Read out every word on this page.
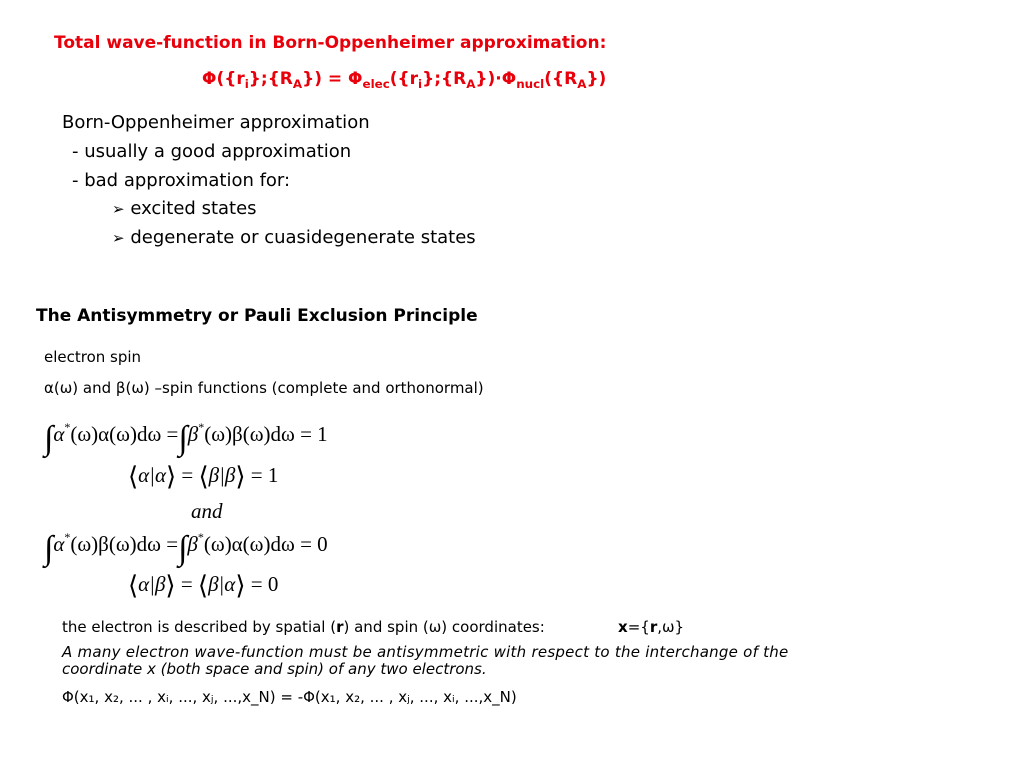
Total wave-function in Born-Oppenheimer approximation:
$\Phi(\{r_i\};\{R_A\})$ = $\Phi_{elec}(\{r_i\};\{R_A\})\cdot\Phi_{nucl}(\{R_A\})$
Born-Oppenheimer approximation
- usually a good approximation
- bad approximation for:
➢ excited states
➢ degenerate or cuasidegenerate states
The Antisymmetry or Pauli Exclusion Principle
electron spin
α(ω) and β(ω) –spin functions (complete and orthonormal)
∫α*(ω)α(ω)dω =∫β*(ω)β(ω)dω = 1
⟨α|α⟩ = ⟨β|β⟩ = 1
and
∫α*(ω)β(ω)dω =∫β*(ω)α(ω)dω = 0
⟨α|β⟩ = ⟨β|α⟩ = 0
the electron is described by spatial (r) and spin (ω) coordinates:	x={r,ω}
A many electron wave-function must be antisymmetric with respect to the interchange of the
coordinate x (both space and spin) of any two electrons.
Φ(x₁, x₂, ... , xᵢ, ..., xⱼ, ...,x_N) = -Φ(x₁, x₂, ... , xⱼ, ..., xᵢ, ...,x_N)
